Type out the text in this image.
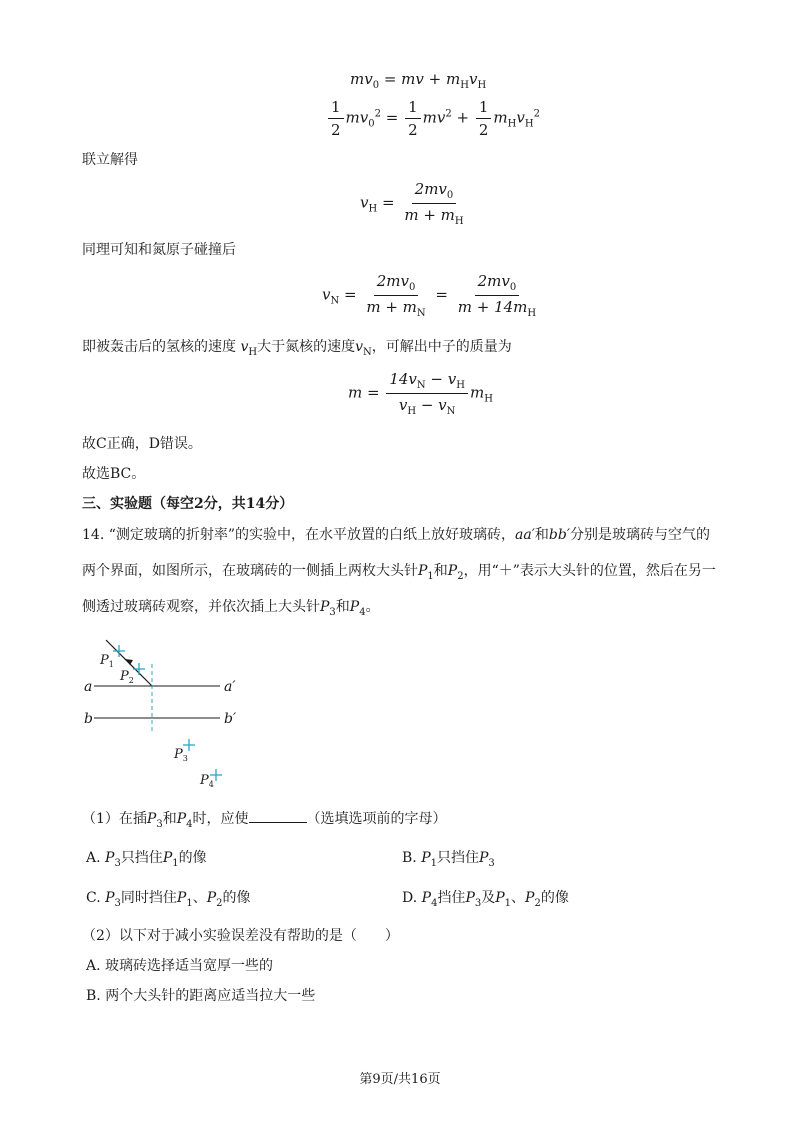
$mv_0$ = mv + $m_Hv_H$
$\frac{1}{2} mv_0^2 = \frac{1}{2} mv^2 + \frac{1}{2} m_Hv_H^2$
联立解得
$v_H = \frac{2mv_0}{m + m_H}$
同理可知和氮原子碰撞后
$v_N = \frac{2mv_0}{m + m_N} = \frac{2mv_0}{m + 14m_H}$
即被轰击后的氢核的速度 $v_H$大于氮核的速度$v_N$，可解出中子的质量为
$m = \frac{14v_N - v_H}{v_H - v_N} m_H$
故C正确，D错误。
故选BC。
三、实验题（每空2分，共14分）
14. “测定玻璃的折射率”的实验中，在水平放置的白纸上放好玻璃砖，aa′和bb′分别是玻璃砖与空气的
两个界面，如图所示，在玻璃砖的一侧插上两枚大头针$P_1$和$P_2$，用“＋”表示大头针的位置，然后在另一
侧透过玻璃砖观察，并依次插上大头针$P_3$和$P_4$。
$P_1$
$P_2$
a	a′
b	b′
$P_3$
$P_4$
（1）在插$P_3$和$P_4$时，应使	（选填选项前的字母）
A. $P_3$只挡住$P_1$的像	B. $P_1$只挡住$P_3$
C. $P_3$同时挡住$P_1$、$P_2$的像	D. $P_4$挡住$P_3$及$P_1$、$P_2$的像
（2）以下对于减小实验误差没有帮助的是（　　）
A. 玻璃砖选择适当宽厚一些的
B. 两个大头针的距离应适当拉大一些
第9页/共16页
